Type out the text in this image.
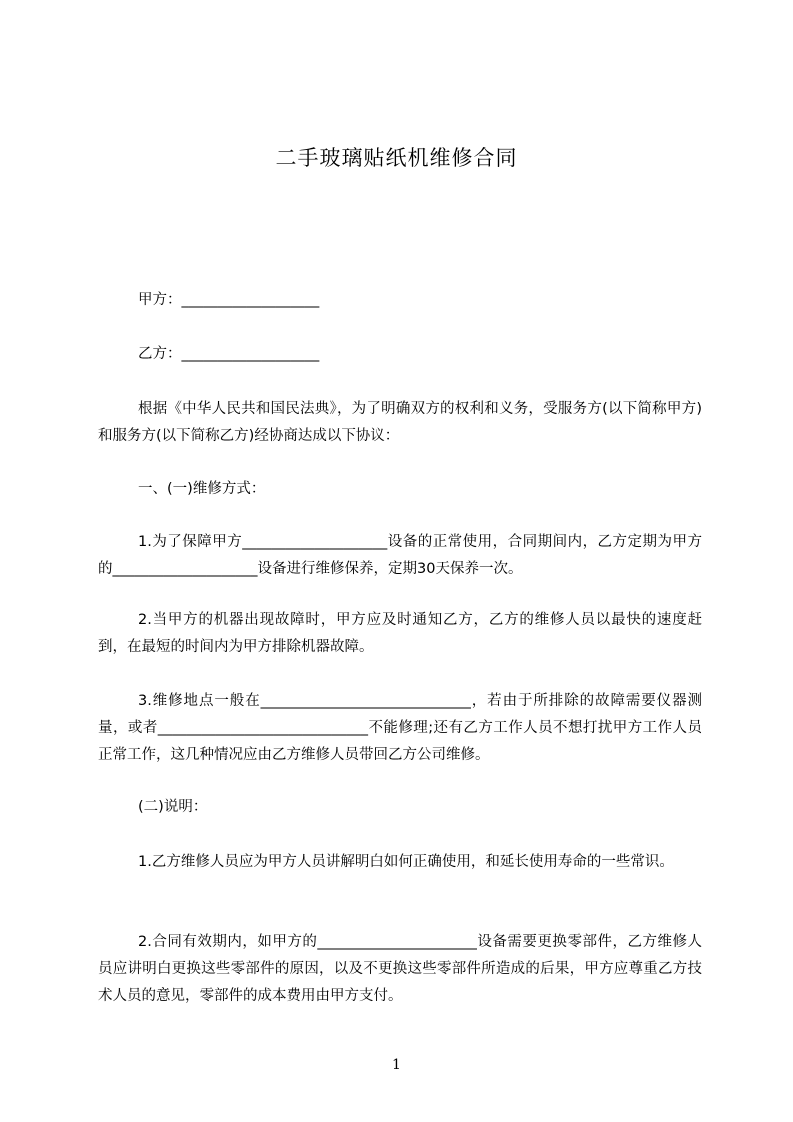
二手玻璃贴纸机维修合同
甲方：___________________
乙方：___________________
根据《中华人民共和国民法典》，为了明确双方的权利和义务，受服务方(以下简称甲方)和服务方(以下简称乙方)经协商达成以下协议：
一、(一)维修方式：
1.为了保障甲方____________________设备的正常使用，合同期间内，乙方定期为甲方的____________________设备进行维修保养，定期30天保养一次。
2.当甲方的机器出现故障时，甲方应及时通知乙方，乙方的维修人员以最快的速度赶到，在最短的时间内为甲方排除机器故障。
3.维修地点一般在_____________________________，若由于所排除的故障需要仪器测量，或者_____________________________不能修理;还有乙方工作人员不想打扰甲方工作人员正常工作，这几种情况应由乙方维修人员带回乙方公司维修。
(二)说明：
1.乙方维修人员应为甲方人员讲解明白如何正确使用，和延长使用寿命的一些常识。
2.合同有效期内，如甲方的______________________设备需要更换零部件，乙方维修人员应讲明白更换这些零部件的原因，以及不更换这些零部件所造成的后果，甲方应尊重乙方技术人员的意见，零部件的成本费用由甲方支付。
1
